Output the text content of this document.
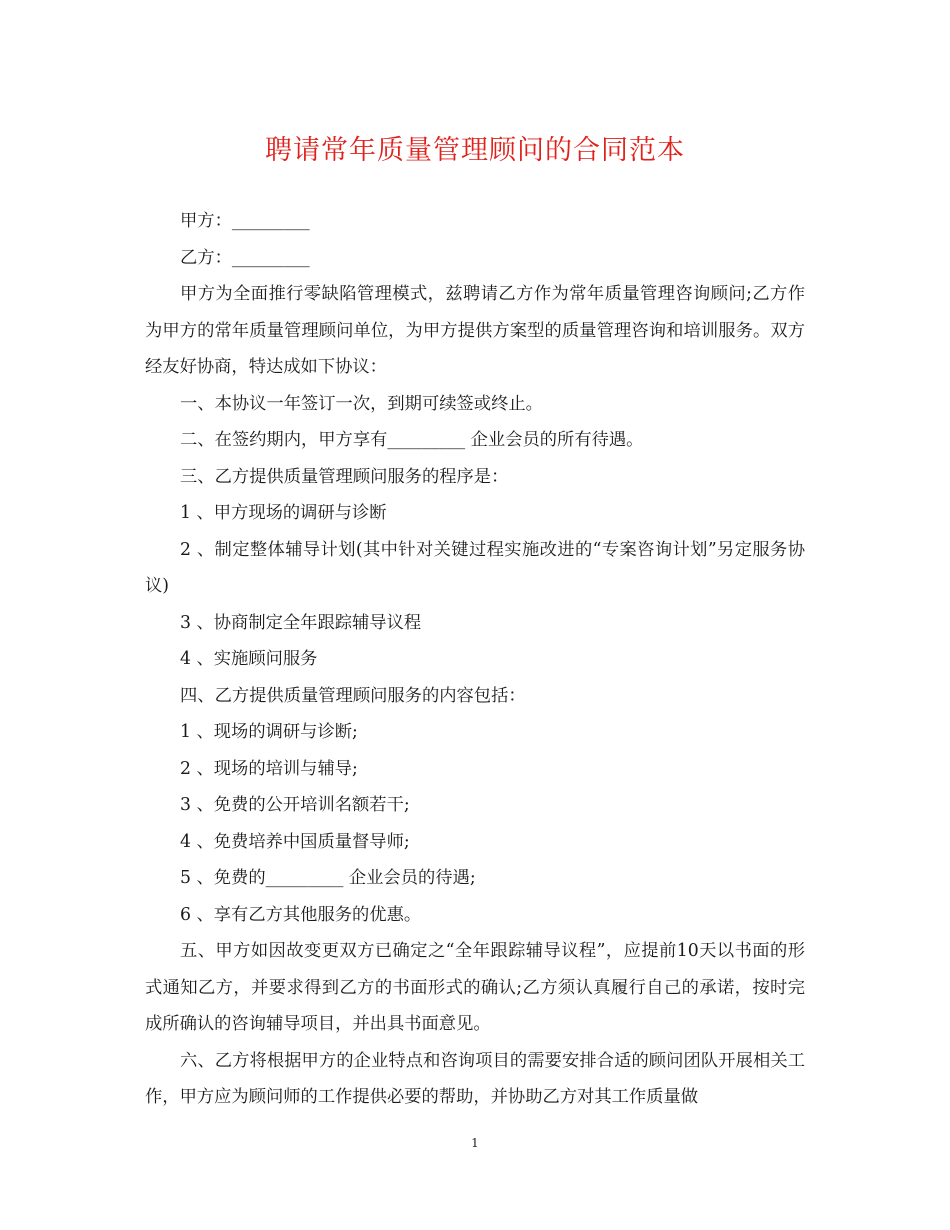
聘请常年质量管理顾问的合同范本

甲方：_________

乙方：_________

甲方为全面推行零缺陷管理模式，兹聘请乙方作为常年质量管理咨询顾问;乙方作为甲方的常年质量管理顾问单位，为甲方提供方案型的质量管理咨询和培训服务。双方经友好协商，特达成如下协议：

一、本协议一年签订一次，到期可续签或终止。

二、在签约期内，甲方享有_________ 企业会员的所有待遇。

三、乙方提供质量管理顾问服务的程序是：

1 、甲方现场的调研与诊断

2 、制定整体辅导计划(其中针对关键过程实施改进的“专案咨询计划”另定服务协议)

3 、协商制定全年跟踪辅导议程

4 、实施顾问服务

四、乙方提供质量管理顾问服务的内容包括：

1 、现场的调研与诊断;

2 、现场的培训与辅导;

3 、免费的公开培训名额若干;

4 、免费培养中国质量督导师;

5 、免费的_________ 企业会员的待遇;

6 、享有乙方其他服务的优惠。

五、甲方如因故变更双方已确定之“全年跟踪辅导议程”，应提前10天以书面的形式通知乙方，并要求得到乙方的书面形式的确认;乙方须认真履行自己的承诺，按时完成所确认的咨询辅导项目，并出具书面意见。

六、乙方将根据甲方的企业特点和咨询项目的需要安排合适的顾问团队开展相关工作，甲方应为顾问师的工作提供必要的帮助，并协助乙方对其工作质量做

1
